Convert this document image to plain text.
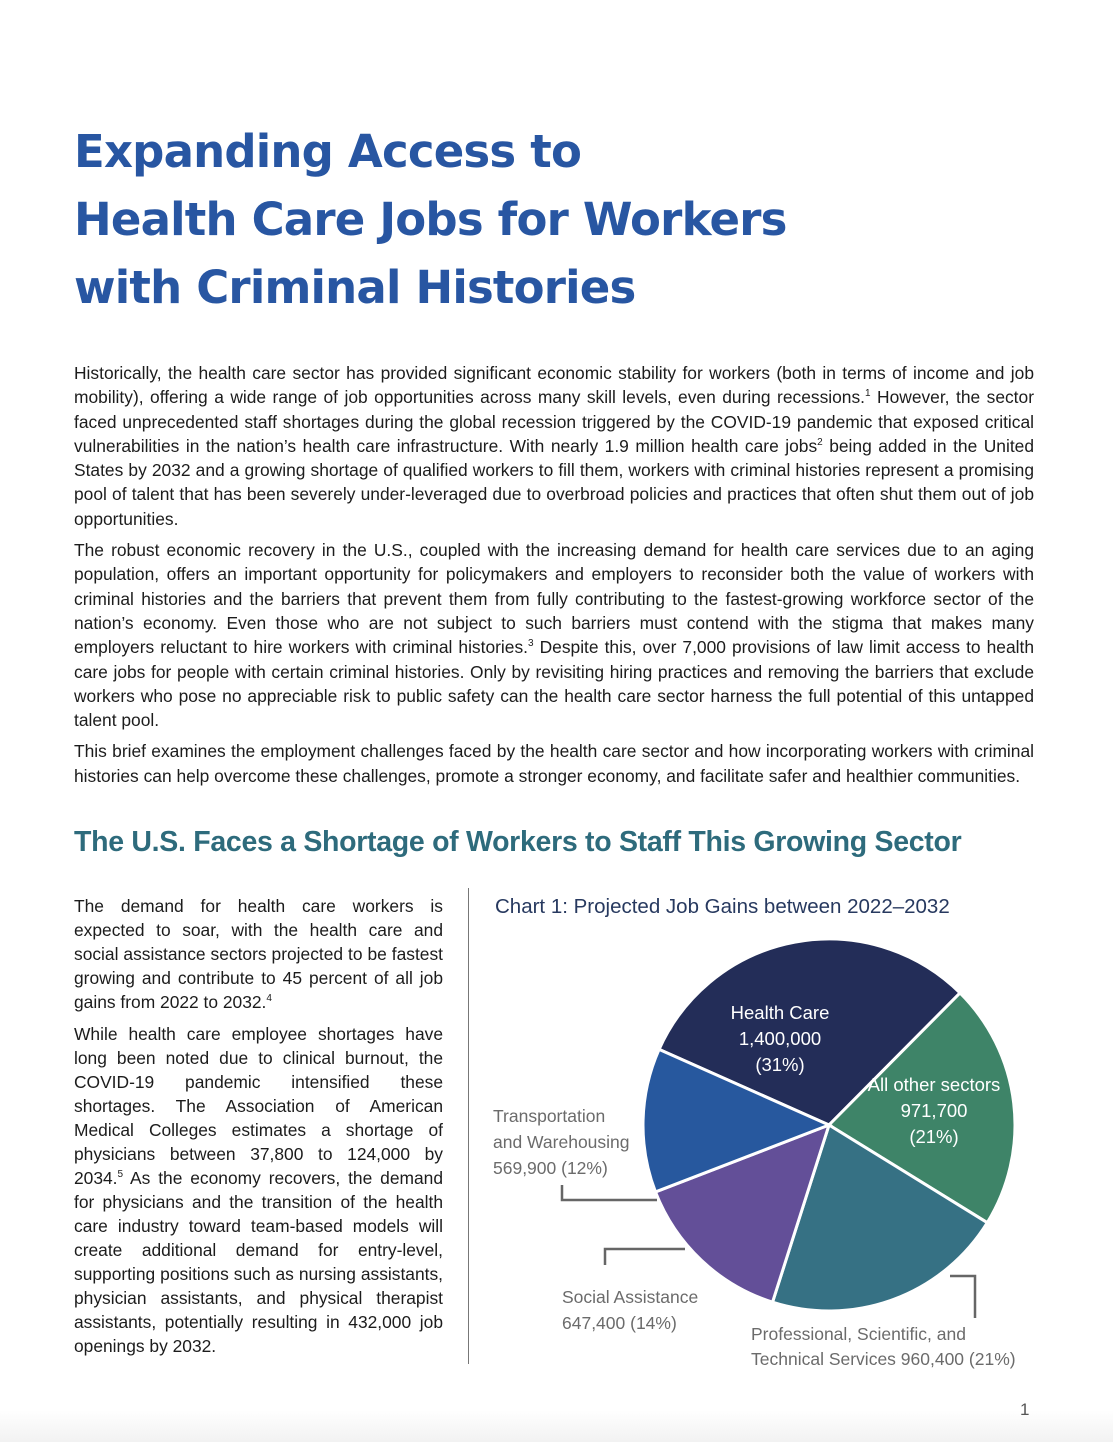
Expanding Access to
Health Care Jobs for Workers
with Criminal Histories

Historically, the health care sector has provided significant economic stability for workers (both in terms of income and job mobility), offering a wide range of job opportunities across many skill levels, even during recessions.$^1$ However, the sector faced unprecedented staff shortages during the global recession triggered by the COVID-19 pandemic that exposed critical vulnerabilities in the nation’s health care infrastructure. With nearly 1.9 million health care jobs$^2$ being added in the United States by 2032 and a growing shortage of qualified workers to fill them, workers with criminal histories represent a promising pool of talent that has been severely under-leveraged due to overbroad policies and practices that often shut them out of job opportunities.

The robust economic recovery in the U.S., coupled with the increasing demand for health care services due to an aging population, offers an important opportunity for policymakers and employers to reconsider both the value of workers with criminal histories and the barriers that prevent them from fully contributing to the fastest-growing workforce sector of the nation’s economy. Even those who are not subject to such barriers must contend with the stigma that makes many employers reluctant to hire workers with criminal histories.$^3$ Despite this, over 7,000 provisions of law limit access to health care jobs for people with certain criminal histories. Only by revisiting hiring practices and removing the barriers that exclude workers who pose no appreciable risk to public safety can the health care sector harness the full potential of this untapped talent pool.

This brief examines the employment challenges faced by the health care sector and how incorporating workers with criminal histories can help overcome these challenges, promote a stronger economy, and facilitate safer and healthier communities.

The U.S. Faces a Shortage of Workers to Staff This Growing Sector

The demand for health care workers is expected to soar, with the health care and social assistance sectors projected to be fastest growing and contribute to 45 percent of all job gains from 2022 to 2032.$^4$

While health care employee shortages have long been noted due to clinical burnout, the COVID-19 pandemic intensified these shortages. The Association of American Medical Colleges estimates a shortage of physicians between 37,800 to 124,000 by 2034.$^5$ As the economy recovers, the demand for physicians and the transition of the health care industry toward team-based models will create additional demand for entry-level, supporting positions such as nursing assistants, physician assistants, and physical therapist assistants, potentially resulting in 432,000 job openings by 2032.

Chart 1: Projected Job Gains between 2022–2032
Health Care
1,400,000
(31%)
All other sectors
971,700
(21%)
Transportation
and Warehousing
569,900 (12%)
Social Assistance
647,400 (14%)
Professional, Scientific, and
Technical Services 960,400 (21%)
1
